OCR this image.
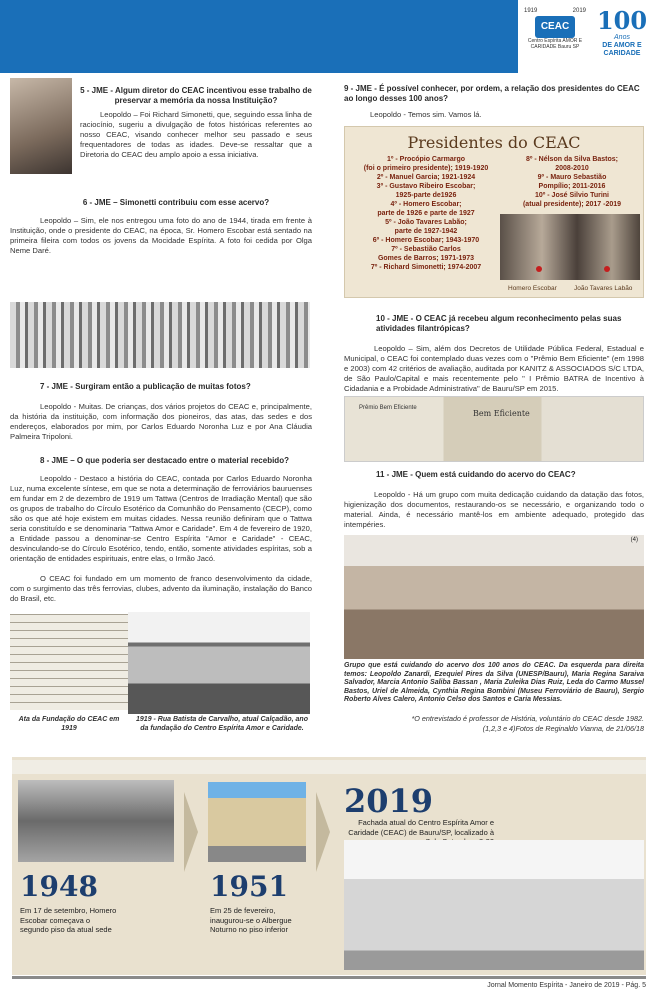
1919	2019
CEAC
Centro Espírita AMOR E CARIDADE Bauru SP
100
Anos
DE AMOR E CARIDADE
5 - JME - Algum diretor do CEAC incentivou esse trabalho de preservar a memória da nossa Instituição?
Leopoldo – Foi Richard Simonetti, que, seguindo essa linha de raciocínio, sugeriu a divulgação de fotos históricas referentes ao nosso CEAC, visando conhecer melhor seu passado e seus frequentadores de todas as idades. Deve-se ressaltar que a Diretoria do CEAC deu amplo apoio a essa iniciativa.
6 - JME – Simonetti contribuiu com esse acervo?
Leopoldo – Sim, ele nos entregou uma foto do ano de 1944, tirada em frente à Instituição, onde o presidente do CEAC, na época, Sr. Homero Escobar está sentado na primeira fileira com todos os jovens da Mocidade Espírita. A foto foi cedida por Olga Neme Daré.
7 - JME - Surgiram então a publicação de muitas fotos?
Leopoldo - Muitas. De crianças, dos vários projetos do CEAC e, principalmente, da história da instituição, com informação dos pioneiros, das atas, das sedes e dos endereços, elaborados por mim, por Carlos Eduardo Noronha Luz e por Ana Cláudia Palmeira Tripoloni.
8 - JME – O que poderia ser destacado entre o material recebido?
Leopoldo - Destaco a história do CEAC, contada por Carlos Eduardo Noronha Luz, numa excelente síntese, em que se nota a determinação de ferroviários bauruenses em fundar em 2 de dezembro de 1919 um Tattwa (Centros de Irradiação Mental) que são os grupos de trabalho do Círculo Esotérico da Comunhão do Pensamento (CECP), como são os que até hoje existem em muitas cidades. Nessa reunião definiram que o Tattwa seria constituído e se denominaria "Tattwa Amor e Caridade". Em 4 de fevereiro de 1920, a Entidade passou a denominar-se Centro Espírita "Amor e Caridade" - CEAC, desvinculando-se do Círculo Esotérico, tendo, então, somente atividades espíritas, sob a orientação de entidades espirituais, entre elas, o Irmão Jacó.
O CEAC foi fundado em um momento de franco desenvolvimento da cidade, com o surgimento das três ferrovias, clubes, advento da iluminação, instalação do Banco do Brasil, etc.
Ata da Fundação do CEAC em 1919
1919 - Rua Batista de Carvalho, atual Calçadão, ano da fundação do Centro Espírita Amor e Caridade.
9 - JME - É possível conhecer, por ordem, a relação dos presidentes do CEAC ao longo desses 100 anos?
Leopoldo - Temos sim. Vamos lá.
Presidentes do CEAC
1º - Procópio Carmargo
(foi o primeiro presidente); 1919-1920
2º - Manuel Garcia; 1921-1924
3º - Gustavo Ribeiro Escobar;
1925-parte de1926
4º - Homero Escobar;
parte de 1926 e parte de 1927
5º - João Tavares Labão;
parte de 1927-1942
6º - Homero Escobar; 1943-1970
7º - Sebastião Carlos
Gomes de Barros; 1971-1973
7º - Richard Simonetti; 1974-2007
8º - Nélson da Silva Bastos;
2008-2010
9º - Mauro Sebastião
Pompílio; 2011-2016
10º - José Silvio Turini
(atual presidente); 2017 -2019
Homero Escobar	João Tavares Labão
10 - JME - O CEAC já recebeu algum reconhecimento pelas suas atividades filantrópicas?
Leopoldo – Sim, além dos Decretos de Utilidade Pública Federal, Estadual e Municipal, o CEAC foi contemplado duas vezes com o "Prêmio Bem Eficiente" (em 1998 e 2003) com 42 critérios de avaliação, auditada por KANITZ & ASSOCIADOS S/C LTDA, de São Paulo/Capital e mais recentemente pelo " I Prêmio BATRA de Incentivo à Cidadania e a Probidade Administrativa" de Bauru/SP em 2015.
Prêmio Bem Eficiente
Bem Eficiente
11 - JME - Quem está cuidando do acervo do CEAC?
Leopoldo - Há um grupo com muita dedicação cuidando da datação das fotos, higienização dos documentos, restaurando-os se necessário, e organizando todo o material. Ainda, é necessário mantê-los em ambiente adequado, protegido das intempéries.
(4)
Grupo que está cuidando do acervo dos 100 anos do CEAC. Da esquerda para direita temos: Leopoldo Zanardi, Ezequiel Pires da Silva (UNESP/Bauru), Maria Regina Saraiva Salvador, Marcia Antonio Saliba Bassan , Maria Zuleika Dias Ruiz, Leda do Carmo Mussel Bastos, Uriel de Almeida, Cynthia Regina Bombini (Museu Ferroviário de Bauru), Sergio Roberto Alves Calero, Antonio Celso dos Santos e Caria Messias.
*O entrevistado é professor de História, voluntário do CEAC desde 1982.
(1,2,3 e 4)Fotos de Reginaldo Vianna, de 21/06/18
1948
Em 17 de setembro, Homero Escobar começava o segundo piso da atual sede
1951
Em 25 de fevereiro, inaugurou-se o Albergue Noturno no piso inferior
2019
Fachada atual do Centro Espírita Amor e Caridade (CEAC) de Bauru/SP, localizado à
Jornal Momento Espírita - Janeiro de 2019 - Pág. 5
